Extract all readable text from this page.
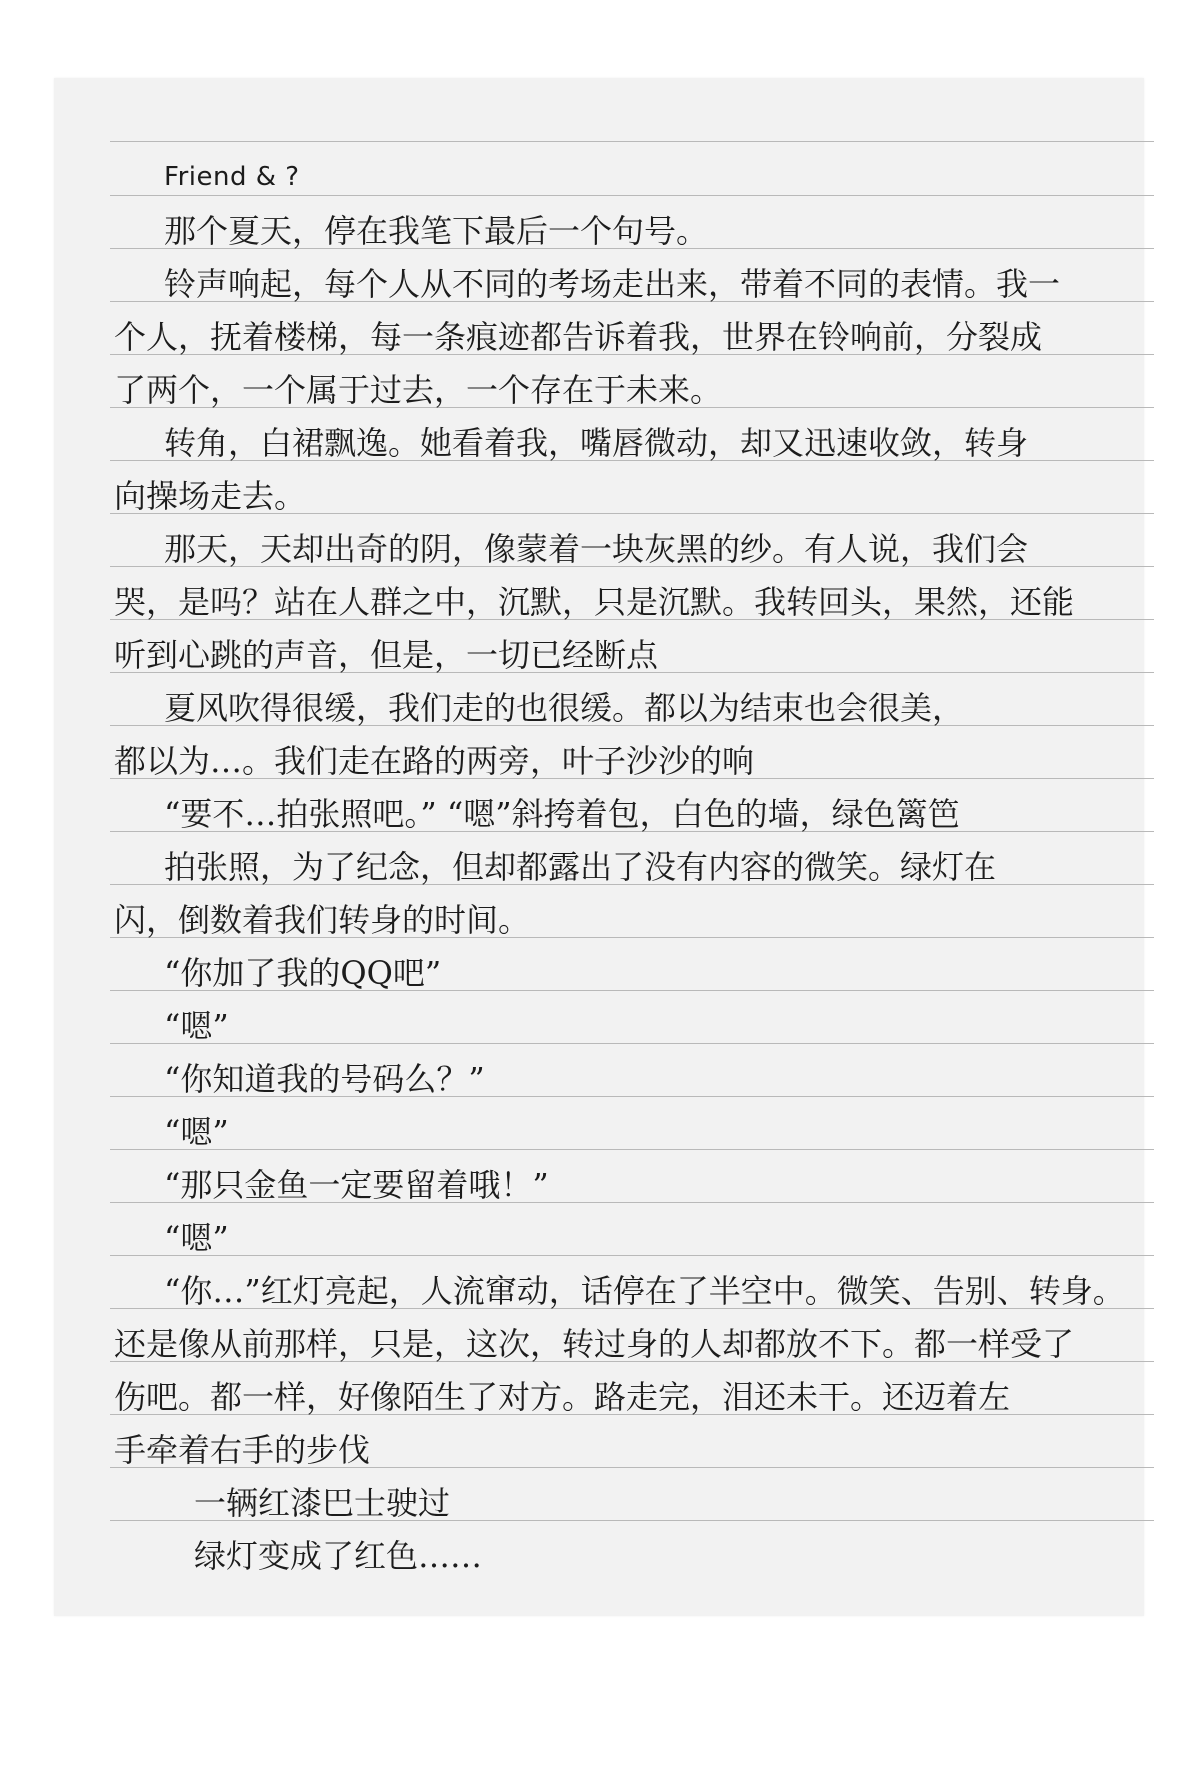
Friend & ?
那个夏天，停在我笔下最后一个句号。
铃声响起，每个人从不同的考场走出来，带着不同的表情。我一
个人，抚着楼梯，每一条痕迹都告诉着我，世界在铃响前，分裂成
了两个，一个属于过去，一个存在于未来。
转角，白裙飘逸。她看着我，嘴唇微动，却又迅速收敛，转身
向操场走去。
那天，天却出奇的阴，像蒙着一块灰黑的纱。有人说，我们会
哭，是吗？站在人群之中，沉默，只是沉默。我转回头，果然，还能
听到心跳的声音，但是，一切已经断点
夏风吹得很缓，我们走的也很缓。都以为结束也会很美，
都以为…。我们走在路的两旁，叶子沙沙的响
“要不…拍张照吧。” “嗯”斜挎着包，白色的墙，绿色篱笆
拍张照，为了纪念，但却都露出了没有内容的微笑。绿灯在
闪，倒数着我们转身的时间。
“你加了我的QQ吧”
“嗯”
“你知道我的号码么？”
“嗯”
“那只金鱼一定要留着哦！”
“嗯”
“你…”红灯亮起，人流窜动，话停在了半空中。微笑、告别、转身。
还是像从前那样，只是，这次，转过身的人却都放不下。都一样受了
伤吧。都一样，好像陌生了对方。路走完，泪还未干。还迈着左
手牵着右手的步伐
一辆红漆巴士驶过
绿灯变成了红色……
